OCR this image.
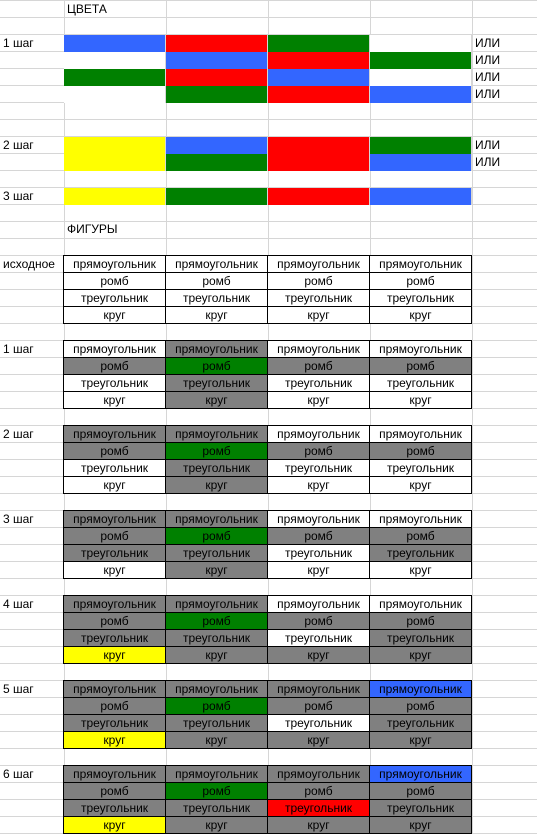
ЦВЕТА
ФИГУРЫ
1 шаг	ИЛИ
ИЛИ
ИЛИ
ИЛИ
2 шаг	ИЛИ
ИЛИ
3 шаг
исходное	прямоугольник	прямоугольник	прямоугольник	прямоугольник
ромб	ромб	ромб	ромб
треугольник	треугольник	треугольник	треугольник
круг	круг	круг	круг
1 шаг	прямоугольник	прямоугольник	прямоугольник	прямоугольник
ромб	ромб	ромб	ромб
треугольник	треугольник	треугольник	треугольник
круг	круг	круг	круг
2 шаг	прямоугольник	прямоугольник	прямоугольник	прямоугольник
ромб	ромб	ромб	ромб
треугольник	треугольник	треугольник	треугольник
круг	круг	круг	круг
3 шаг	прямоугольник	прямоугольник	прямоугольник	прямоугольник
ромб	ромб	ромб	ромб
треугольник	треугольник	треугольник	треугольник
круг	круг	круг	круг
4 шаг	прямоугольник	прямоугольник	прямоугольник	прямоугольник
ромб	ромб	ромб	ромб
треугольник	треугольник	треугольник	треугольник
круг	круг	круг	круг
5 шаг	прямоугольник	прямоугольник	прямоугольник	прямоугольник
ромб	ромб	ромб	ромб
треугольник	треугольник	треугольник	треугольник
круг	круг	круг	круг
6 шаг	прямоугольник	прямоугольник	прямоугольник	прямоугольник
ромб	ромб	ромб	ромб
треугольник	треугольник	треугольник	треугольник
круг	круг	круг	круг
